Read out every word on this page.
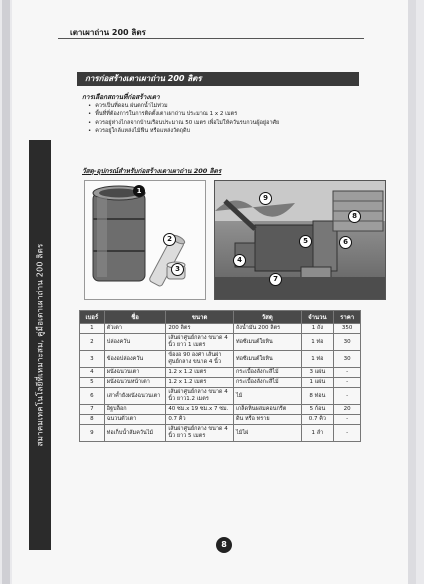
เตาเผาถ่าน 200 ลิตร
สมาคมเทคโนโลยีที่เหมาะสม, คู่มือเตาเผาถ่าน 200 ลิตร
การก่อสร้างเตาเผาถ่าน 200 ลิตร
การเลือกสถานที่ก่อสร้างเตา
• ควรเป็นที่ดอน ฝนตกน้ำไม่ท่วม
• พื้นที่ที่ต้องการในการติดตั้งเตาเผาถ่าน ประมาณ 1 x 2 เมตร
• ควรอยู่ห่างไกลจากบ้านเรือนประมาณ 50 เมตร เพื่อไม่ให้ควันรบกวนผู้อยู่อาศัย
• ควรอยู่ใกล้แหล่งไม้ฟืน หรือแหล่งวัตถุดิบ
วัสดุ-อุปกรณ์สำหรับก่อสร้างเตาเผาถ่าน 200 ลิตร
1
2
3
9
8
5	6
4
7
เบอร์	ชื่อ	ขนาด	วัสดุ	จำนวน	ราคา
1	ตัวเตา	200 ลิตร	ถังน้ำมัน 200 ลิตร	1 ถัง	350
2	ปล่องควัน	เส้นผ่าศูนย์กลาง ขนาด 4 นิ้ว ยาว 1 เมตร	ท่อซีเมนต์ใยหิน	1 ท่อ	30
3	ข้องอปล่องควัน	ข้องอ 90 องศา เส้นผ่าศูนย์กลาง ขนาด 4 นิ้ว	ท่อซีเมนต์ใยหิน	1 ท่อ	30
4	ผนังฉนวนเตา	1.2 x 1.2 เมตร	กระเบื้องลังกะสีไม้	3 แผ่น	-
5	ผนังฉนวนหน้าเตา	1.2 x 1.2 เมตร	กระเบื้องลังกะสีไม้	1 แผ่น	-
6	เสาค้ำยังผนังฉนวนเตา	เส้นผ่าศูนย์กลาง ขนาด 4 นิ้ว ยาว1.2 เมตร	ไม้	8 ท่อน	-
7	อิฐบล็อก	40 ซม.x 19 ซม.x 7 ซม.	เกล็ดหินผสมคอนกรีต	5 ก้อน	20
8	ฉนวนตัวเตา	0.7 คิว	ดิน หรือ ทราย	0.7 คิว	-
9	ท่อเก็บน้ำส้มควันไม้	เส้นผ่าศูนย์กลาง ขนาด 4 นิ้ว ยาว 5 เมตร	ไม้ไผ่	1 ลำ	-
8
